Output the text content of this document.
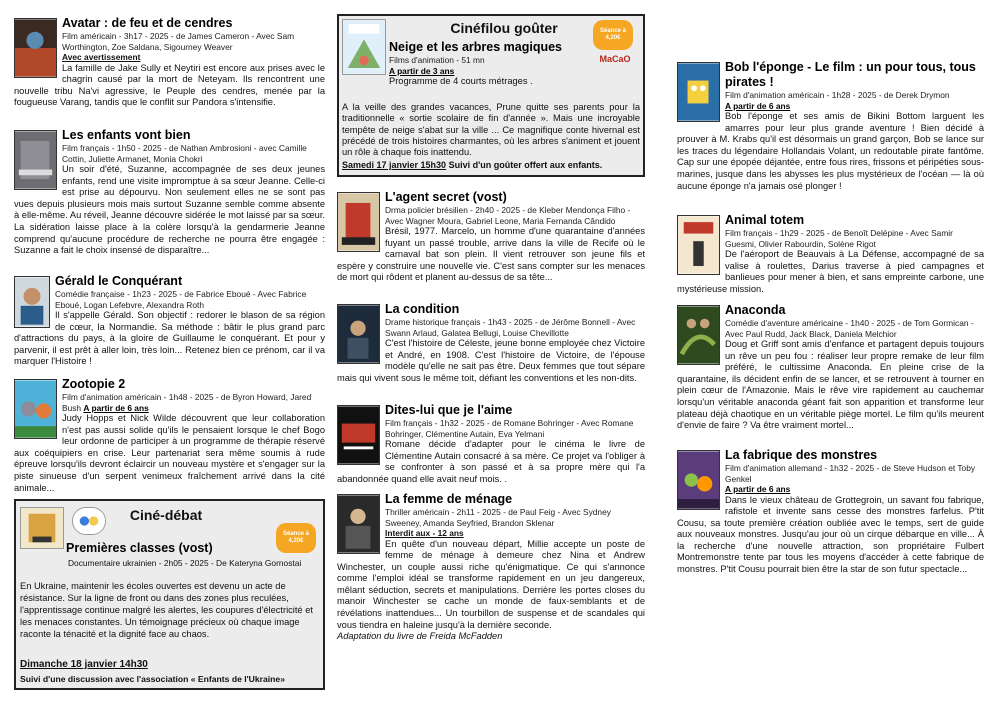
Avatar : de feu et de cendres
Film américain - 3h17 - 2025 - de James Cameron - Avec Sam Worthington, Zoe Saldana, Sigourney Weaver
Avec avertissement
La famille de Jake Sully et Neytiri est encore aux prises avec le chagrin causé par la mort de Neteyam. Ils rencontrent une nouvelle tribu Na'vi agressive, le Peuple des cendres, menée par la fougueuse Varang, tandis que le conflit sur Pandora s'intensifie.
Les enfants vont bien
Film français - 1h50 - 2025 - de Nathan Ambrosioni - avec Camille Cottin, Juliette Armanet, Monia Chokri
Un soir d'été, Suzanne, accompagnée de ses deux jeunes enfants, rend une visite impromptue à sa sœur Jeanne. Celle-ci est prise au dépourvu. Non seulement elles ne se sont pas vues depuis plusieurs mois mais surtout Suzanne semble comme absente à elle-même. Au réveil, Jeanne découvre sidérée le mot laissé par sa sœur. La sidération laisse place à la colère lorsqu'à la gendarmerie Jeanne comprend qu'aucune procédure de recherche ne pourra être engagée : Suzanne a fait le choix insensé de disparaître...
Gérald le Conquérant
Comédie française - 1h23 - 2025 - de Fabrice Eboué - Avec Fabrice Eboué, Logan Lefebvre, Alexandra Roth
Il s'appelle Gérald. Son objectif : redorer le blason de sa région de cœur, la Normandie. Sa méthode : bâtir le plus grand parc d'attractions du pays, à la gloire de Guillaume le conquérant. Et pour y parvenir, il est prêt à aller loin, très loin... Retenez bien ce prénom, car il va marquer l'Histoire !
Zootopie 2
Film d'animation américain - 1h48 - 2025 - de Byron Howard, Jared Bush A partir de 6 ans
Judy Hopps et Nick Wilde découvrent que leur collaboration n'est pas aussi solide qu'ils le pensaient lorsque le chef Bogo leur ordonne de participer à un programme de thérapie réservé aux coéquipiers en crise. Leur partenariat sera même soumis à rude épreuve lorsqu'ils devront éclaircir un nouveau mystère et s'engager sur la piste sinueuse d'un serpent venimeux fraîchement arrivé dans la cité animale...
Ciné-débat
Séance à 4,20€
Premières classes (vost)
Documentaire ukrainien - 2h05 - 2025 - De Kateryna Gornostai
En Ukraine, maintenir les écoles ouvertes est devenu un acte de résistance. Sur la ligne de front ou dans des zones plus reculées, l'apprentissage continue malgré les alertes, les coupures d'électricité et les menaces constantes. Un témoignage précieux où chaque image raconte la ténacité et la dignité face au chaos.
Dimanche 18 janvier 14h30
Suivi d'une discussion avec l'association « Enfants de l'Ukraine»
Cinéfilou goûter	Séance à 4,20€
MaCaO
Neige et les arbres magiques
Films d'animation - 51 mn
A partir de 3 ans
Programme de 4 courts métrages .
A la veille des grandes vacances, Prune quitte ses parents pour la traditionnelle « sortie scolaire de fin d'année ». Mais une incroyable tempête de neige s'abat sur la ville ... Ce magnifique conte hivernal est précédé de trois histoires charmantes, où les arbres s'animent et jouent un rôle à chaque fois inattendu.
Samedi 17 janvier 15h30 Suivi d'un goûter offert aux enfants.
L'agent secret (vost)
Drma policier brésilien - 2h40 - 2025 - de Kleber Mendonça Filho - Avec Wagner Moura, Gabriel Leone, Maria Fernanda Cândido
Brésil, 1977. Marcelo, un homme d'une quarantaine d'années fuyant un passé trouble, arrive dans la ville de Recife où le carnaval bat son plein. Il vient retrouver son jeune fils et espère y construire une nouvelle vie. C'est sans compter sur les menaces de mort qui rôdent et planent au-dessus de sa tête...
La condition
Drame historique français - 1h43 - 2025 - de Jérôme Bonnell - Avec Swann Arlaud, Galatea Bellugi, Louise Chevillotte
C'est l'histoire de Céleste, jeune bonne employée chez Victoire et André, en 1908. C'est l'histoire de Victoire, de l'épouse modèle qu'elle ne sait pas être. Deux femmes que tout sépare mais qui vivent sous le même toit, défiant les conventions et les non-dits.
Dites-lui que je l'aime
Film français - 1h32 - 2025 - de Romane Bohringer - Avec Romane Bohringer, Clémentine Autain, Eva Yelmani
Romane décide d'adapter pour le cinéma le livre de Clémentine Autain consacré à sa mère. Ce projet va l'obliger à se confronter à son passé et à sa propre mère qui l'a abandonnée quand elle avait neuf mois. .
La femme de ménage
Thriller américain - 2h11 - 2025 - de Paul Feig - Avec Sydney Sweeney, Amanda Seyfried, Brandon Sklenar
Interdit aux - 12 ans
En quête d'un nouveau départ, Millie accepte un poste de femme de ménage à demeure chez Nina et Andrew Winchester, un couple aussi riche qu'énigmatique. Ce qui s'annonce comme l'emploi idéal se transforme rapidement en un jeu dangereux, mêlant séduction, secrets et manipulations. Derrière les portes closes du manoir Winchester se cache un monde de faux-semblants et de révélations inattendues... Un tourbillon de suspense et de scandales qui vous tiendra en haleine jusqu'à la dernière seconde.
Adaptation du livre de Freida McFadden
Bob l'éponge - Le film : un pour tous, tous pirates !
Film d'animation américain - 1h28 - 2025 - de Derek Drymon
A partir de 6 ans
Bob l'éponge et ses amis de Bikini Bottom larguent les amarres pour leur plus grande aventure ! Bien décidé à prouver à M. Krabs qu'il est désormais un grand garçon, Bob se lance sur les traces du légendaire Hollandais Volant, un redoutable pirate fantôme. Cap sur une épopée déjantée, entre fous rires, frissons et péripéties sous-marines, jusque dans les abysses les plus mystérieux de l'océan — là où aucune éponge n'a jamais osé plonger !
Animal totem
Film français - 1h29 - 2025 - de Benoît Delépine - Avec Samir Guesmi, Olivier Rabourdin, Solène Rigot
De l'aéroport de Beauvais à La Défense, accompagné de sa valise à roulettes, Darius traverse à pied campagnes et banlieues pour mener à bien, et sans empreinte carbone, une mystérieuse mission.
Anaconda
Comédie d'aventure américaine - 1h40 - 2025 - de Tom Gormican - Avec Paul Rudd, Jack Black, Daniela Melchior
Doug et Griff sont amis d'enfance et partagent depuis toujours un rêve un peu fou : réaliser leur propre remake de leur film préféré, le cultissime Anaconda. En pleine crise de la quarantaine, ils décident enfin de se lancer, et se retrouvent à tourner en plein cœur de l'Amazonie. Mais le rêve vire rapidement au cauchemar lorsqu'un véritable anaconda géant fait son apparition et transforme leur plateau déjà chaotique en un véritable piège mortel. Le film qu'ils meurent d'envie de faire ? Va être vraiment mortel...
La fabrique des monstres
Film d'animation allemand - 1h32 - 2025 - de Steve Hudson et Toby Genkel
A partir de 6 ans
Dans le vieux château de Grottegroin, un savant fou fabrique, rafistole et invente sans cesse des monstres farfelus. P'tit Cousu, sa toute première création oubliée avec le temps, sert de guide aux nouveaux monstres. Jusqu'au jour où un cirque débarque en ville... À la recherche d'une nouvelle attraction, son propriétaire Fulbert Montremonstre tente par tous les moyens d'accéder à cette fabrique de monstres. P'tit Cousu pourrait bien être la star de son futur spectacle...
